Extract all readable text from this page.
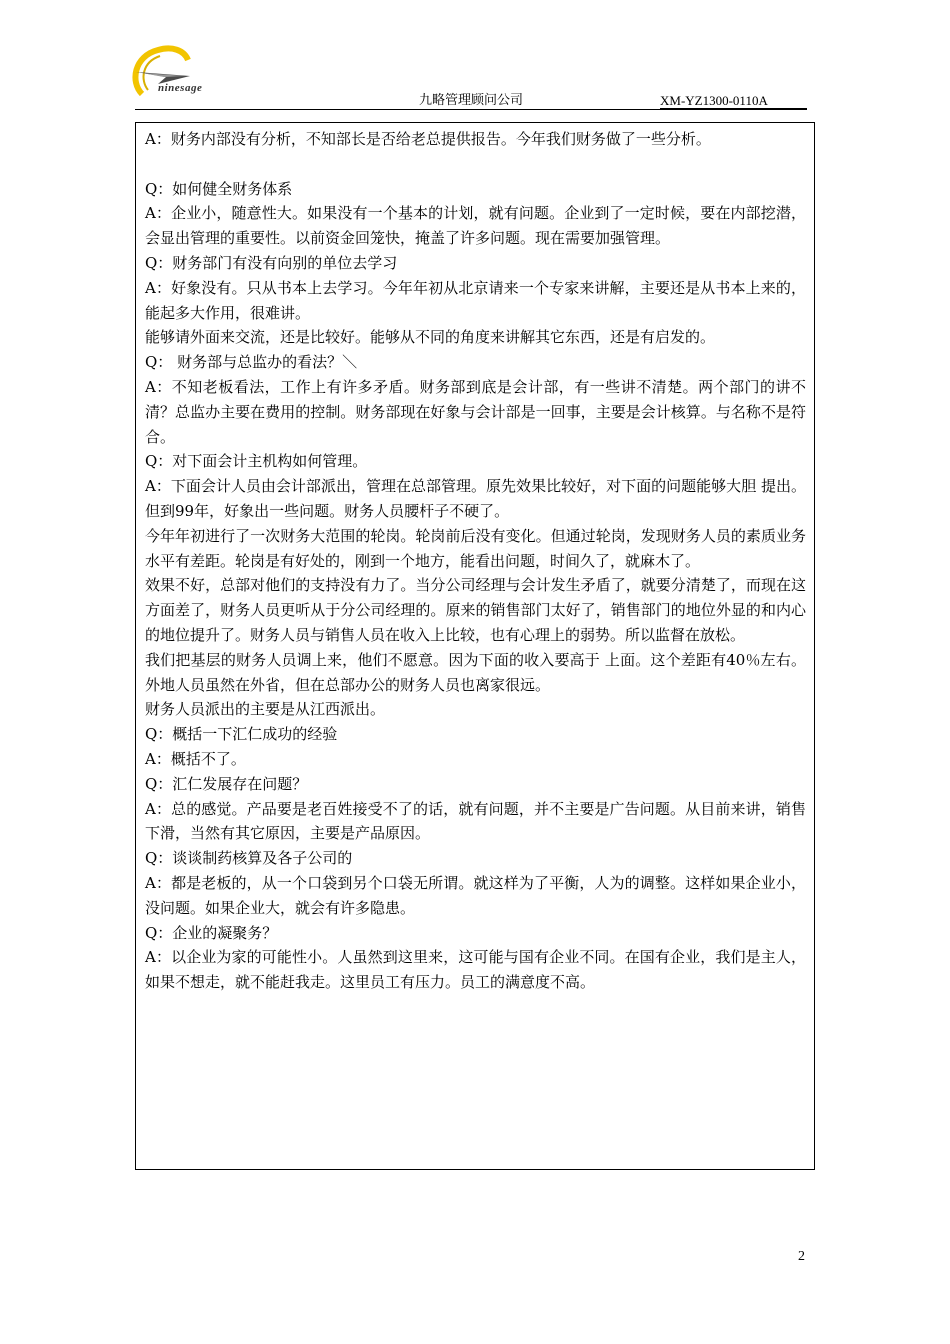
ninesage
九略管理顾问公司	XM-YZ1300-0110A

A：财务内部没有分析，不知部长是否给老总提供报告。今年我们财务做了一些分析。

Q：如何健全财务体系

A：企业小，随意性大。如果没有一个基本的计划，就有问题。企业到了一定时候，要在内部挖潜，会显出管理的重要性。以前资金回笼快，掩盖了许多问题。现在需要加强管理。

Q：财务部门有没有向别的单位去学习

A：好象没有。只从书本上去学习。今年年初从北京请来一个专家来讲解，主要还是从书本上来的，能起多大作用，很难讲。

能够请外面来交流，还是比较好。能够从不同的角度来讲解其它东西，还是有启发的。

Q： 财务部与总监办的看法？＼

A：不知老板看法，工作上有许多矛盾。财务部到底是会计部，有一些讲不清楚。两个部门的讲不清？总监办主要在费用的控制。财务部现在好象与会计部是一回事，主要是会计核算。与名称不是符合。

Q：对下面会计主机构如何管理。

A：下面会计人员由会计部派出，管理在总部管理。原先效果比较好，对下面的问题能够大胆 提出。但到99年，好象出一些问题。财务人员腰杆子不硬了。

今年年初进行了一次财务大范围的轮岗。轮岗前后没有变化。但通过轮岗，发现财务人员的素质业务水平有差距。轮岗是有好处的，刚到一个地方，能看出问题，时间久了，就麻木了。

效果不好，总部对他们的支持没有力了。当分公司经理与会计发生矛盾了，就要分清楚了，而现在这方面差了，财务人员更听从于分公司经理的。原来的销售部门太好了，销售部门的地位外显的和内心的地位提升了。财务人员与销售人员在收入上比较，也有心理上的弱势。所以监督在放松。

我们把基层的财务人员调上来，他们不愿意。因为下面的收入要高于 上面。这个差距有40％左右。外地人员虽然在外省，但在总部办公的财务人员也离家很远。

财务人员派出的主要是从江西派出。

Q：概括一下汇仁成功的经验

A：概括不了。

Q：汇仁发展存在问题？

A：总的感觉。产品要是老百姓接受不了的话，就有问题，并不主要是广告问题。从目前来讲，销售下滑，当然有其它原因，主要是产品原因。

Q：谈谈制药核算及各子公司的

A：都是老板的，从一个口袋到另个口袋无所谓。就这样为了平衡，人为的调整。这样如果企业小，没问题。如果企业大，就会有许多隐患。

Q：企业的凝聚务？

A：以企业为家的可能性小。人虽然到这里来，这可能与国有企业不同。在国有企业，我们是主人，如果不想走，就不能赶我走。这里员工有压力。员工的满意度不高。

2
